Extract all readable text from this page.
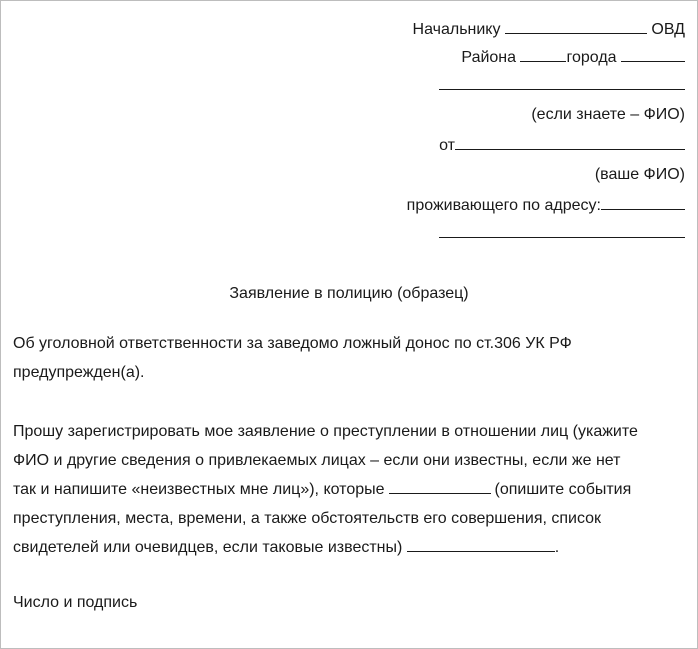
Начальнику	ОВД
Района	города
(если знаете – ФИО)
от
(ваше ФИО)
проживающего по адресу:
Заявление в полицию (образец)
Об уголовной ответственности за заведомо ложный донос по ст.306 УК РФ
предупрежден(а).
Прошу зарегистрировать мое заявление о преступлении в отношении лиц (укажите
ФИО и другие сведения о привлекаемых лицах – если они известны, если же нет
так и напишите «неизвестных мне лиц»), которые	(опишите события
преступления, места, времени, а также обстоятельств его совершения, список
свидетелей или очевидцев, если таковые известны)	.
Число и подпись
